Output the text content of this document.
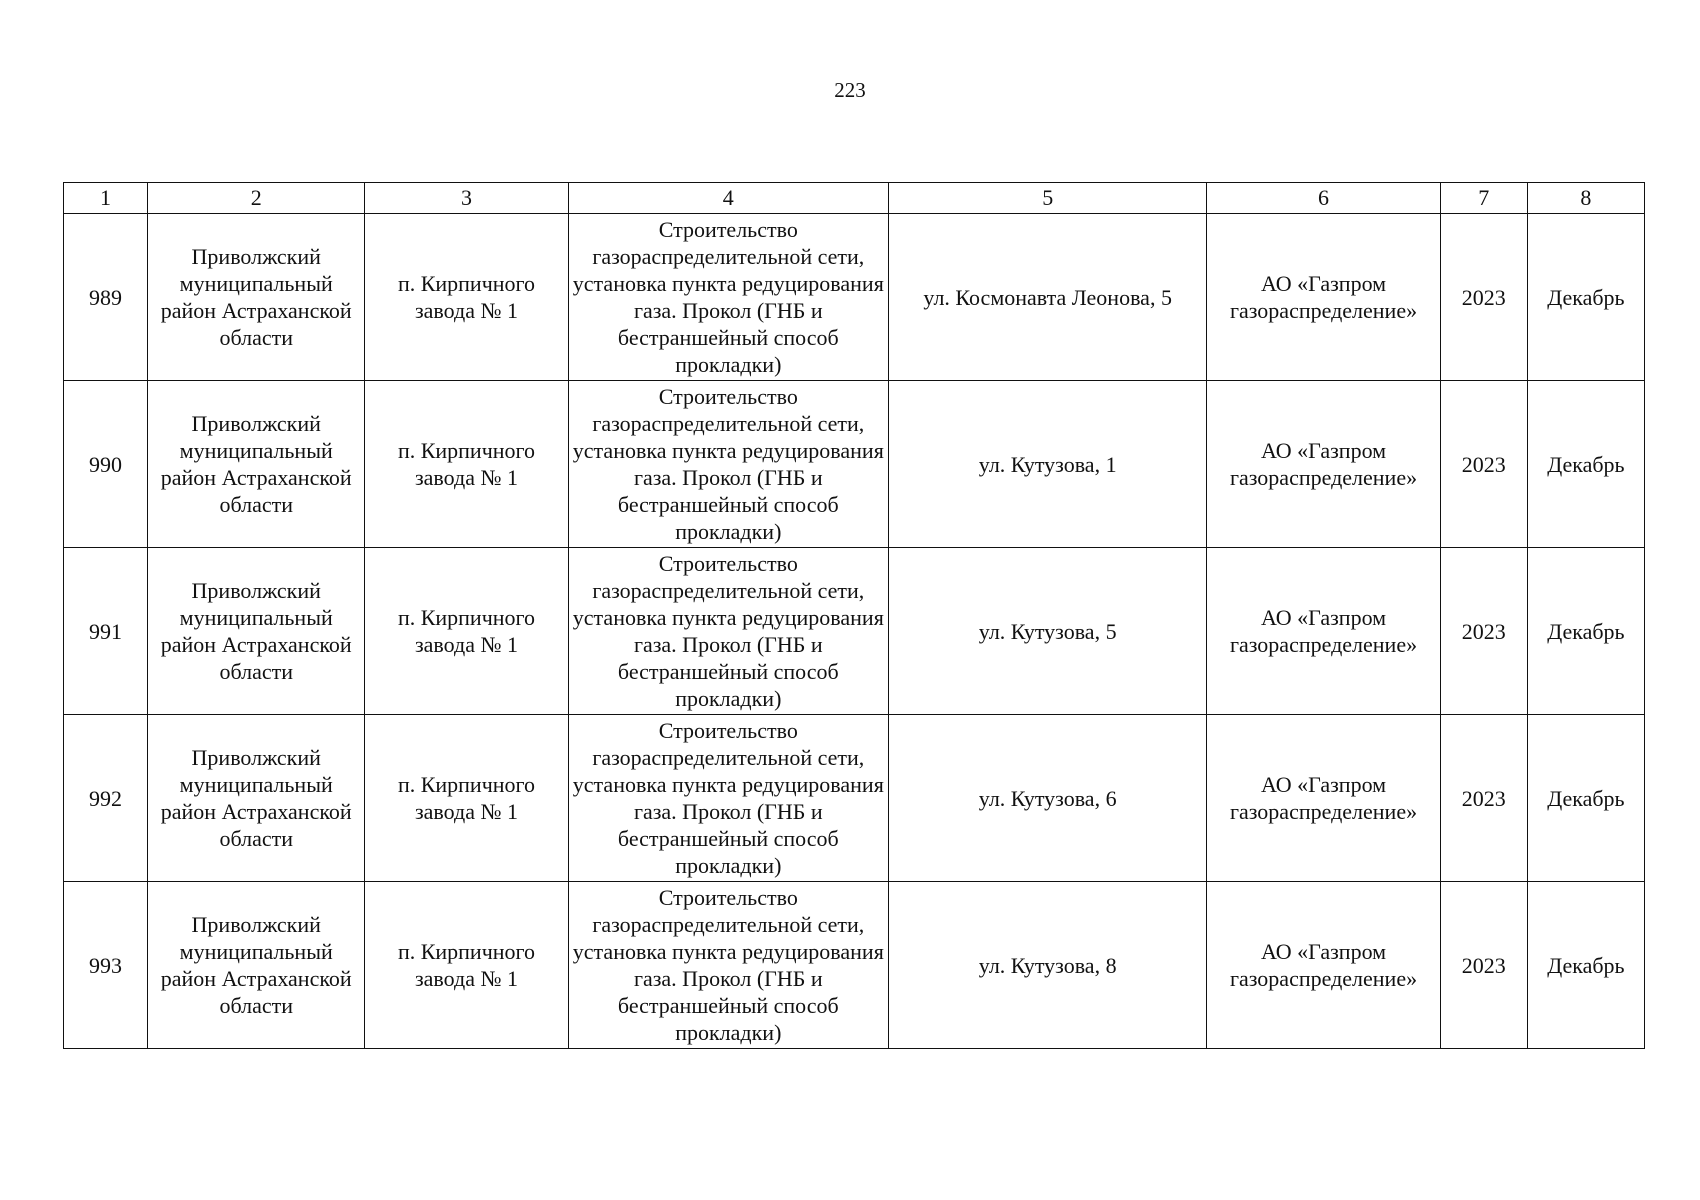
223
1	2	3	4	5	6	7	8
989	Приволжский муниципальный район Астраханской области	п. Кирпичного завода № 1	Строительство газораспределительной сети, установка пункта редуцирования газа. Прокол (ГНБ и бестраншейный способ прокладки)	ул. Космонавта Леонова, 5	АО «Газпром газораспределение»	2023	Декабрь
990	Приволжский муниципальный район Астраханской области	п. Кирпичного завода № 1	Строительство газораспределительной сети, установка пункта редуцирования газа. Прокол (ГНБ и бестраншейный способ прокладки)	ул. Кутузова, 1	АО «Газпром газораспределение»	2023	Декабрь
991	Приволжский муниципальный район Астраханской области	п. Кирпичного завода № 1	Строительство газораспределительной сети, установка пункта редуцирования газа. Прокол (ГНБ и бестраншейный способ прокладки)	ул. Кутузова, 5	АО «Газпром газораспределение»	2023	Декабрь
992	Приволжский муниципальный район Астраханской области	п. Кирпичного завода № 1	Строительство газораспределительной сети, установка пункта редуцирования газа. Прокол (ГНБ и бестраншейный способ прокладки)	ул. Кутузова, 6	АО «Газпром газораспределение»	2023	Декабрь
993	Приволжский муниципальный район Астраханской области	п. Кирпичного завода № 1	Строительство газораспределительной сети, установка пункта редуцирования газа. Прокол (ГНБ и бестраншейный способ прокладки)	ул. Кутузова, 8	АО «Газпром газораспределение»	2023	Декабрь
